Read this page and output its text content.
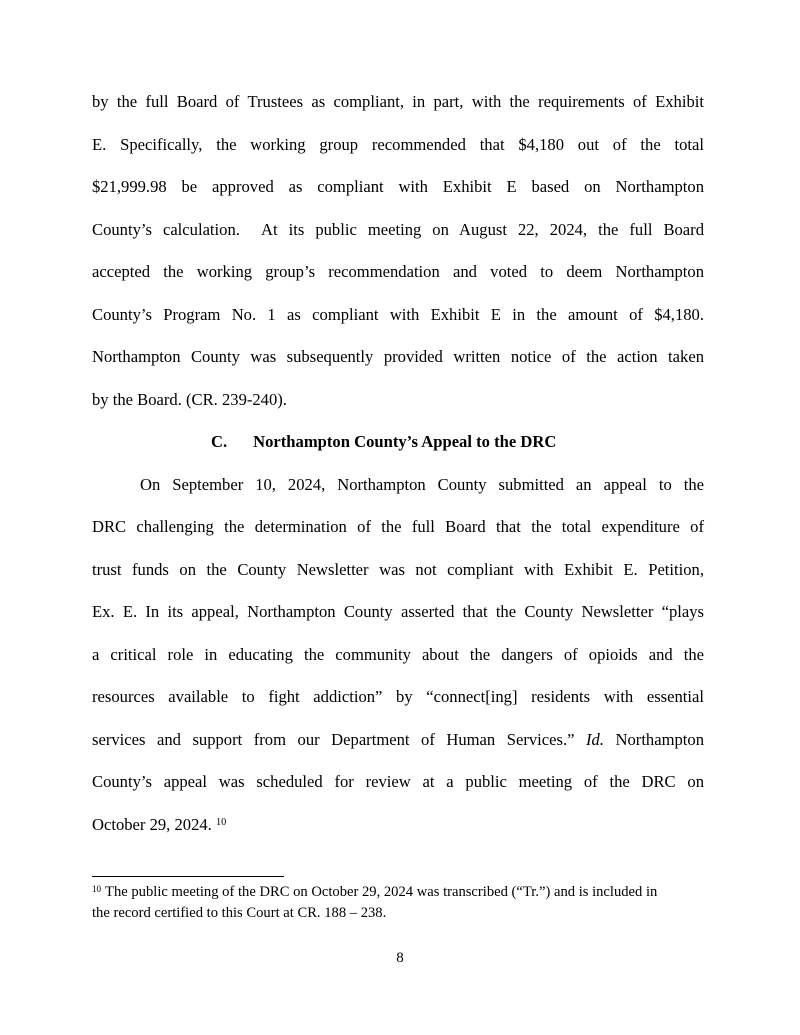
by the full Board of Trustees as compliant, in part, with the requirements of Exhibit
E. Specifically, the working group recommended that $4,180 out of the total
$21,999.98 be approved as compliant with Exhibit E based on Northampton
County’s calculation.  At its public meeting on August 22, 2024, the full Board
accepted the working group’s recommendation and voted to deem Northampton
County’s Program No. 1 as compliant with Exhibit E in the amount of $4,180.
Northampton County was subsequently provided written notice of the action taken
by the Board. (CR. 239-240).
C. Northampton County’s Appeal to the DRC
On September 10, 2024, Northampton County submitted an appeal to the
DRC challenging the determination of the full Board that the total expenditure of
trust funds on the County Newsletter was not compliant with Exhibit E. Petition,
Ex. E. In its appeal, Northampton County asserted that the County Newsletter “plays
a critical role in educating the community about the dangers of opioids and the
resources available to fight addiction” by “connect[ing] residents with essential
services and support from our Department of Human Services.” Id. Northampton
County’s appeal was scheduled for review at a public meeting of the DRC on
October 29, 2024. $^{10}$
$^{10}$ The public meeting of the DRC on October 29, 2024 was transcribed (“Tr.”) and is included in
the record certified to this Court at CR. 188 – 238.
8
